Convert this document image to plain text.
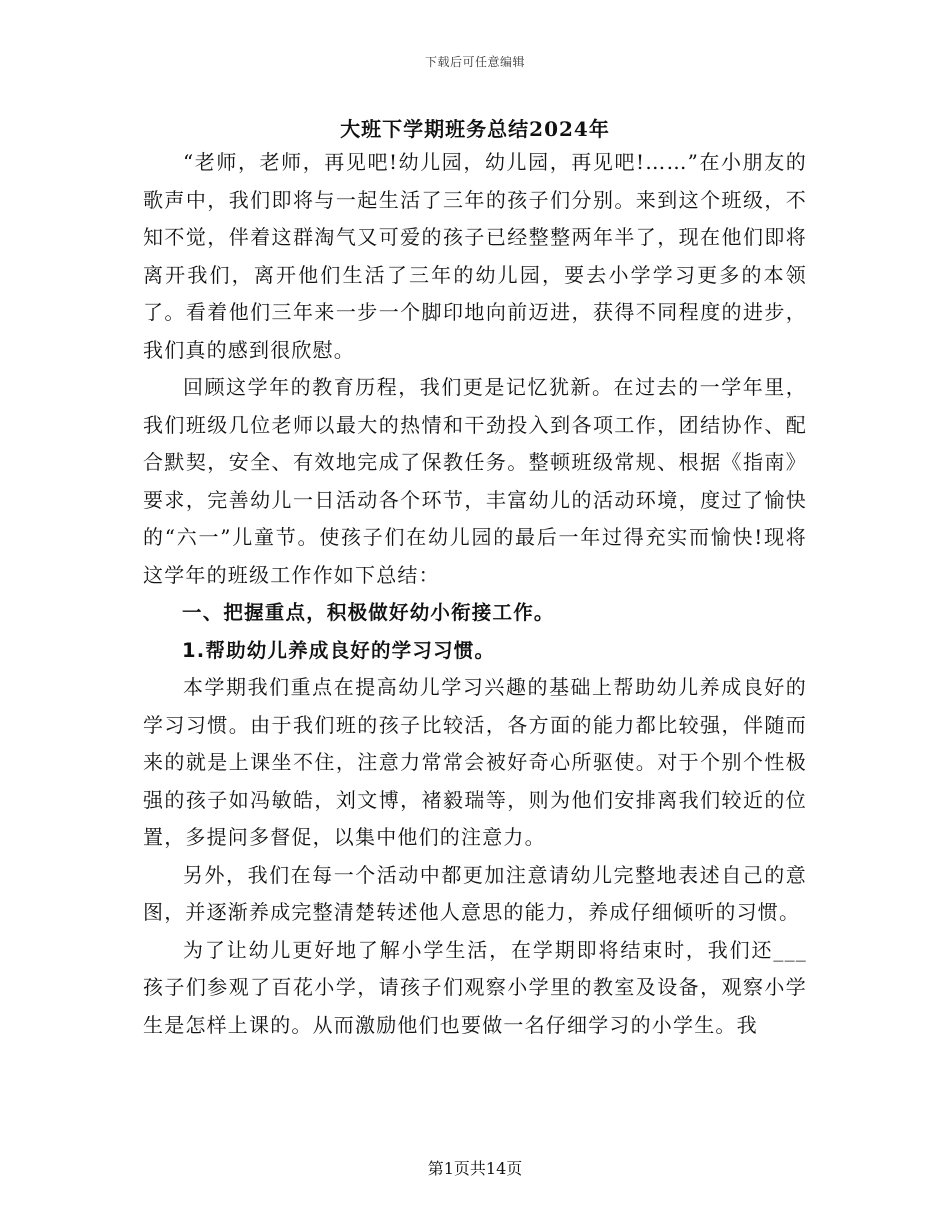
下载后可任意编辑
大班下学期班务总结2024年

“老师，老师，再见吧!幼儿园，幼儿园，再见吧!……”在小朋友的歌声中，我们即将与一起生活了三年的孩子们分别。来到这个班级，不知不觉，伴着这群淘气又可爱的孩子已经整整两年半了，现在他们即将离开我们，离开他们生活了三年的幼儿园，要去小学学习更多的本领了。看着他们三年来一步一个脚印地向前迈进，获得不同程度的进步，我们真的感到很欣慰。

回顾这学年的教育历程，我们更是记忆犹新。在过去的一学年里，我们班级几位老师以最大的热情和干劲投入到各项工作，团结协作、配合默契，安全、有效地完成了保教任务。整顿班级常规、根据《指南》要求，完善幼儿一日活动各个环节，丰富幼儿的活动环境，度过了愉快的“六一”儿童节。使孩子们在幼儿园的最后一年过得充实而愉快!现将这学年的班级工作作如下总结：

一、把握重点，积极做好幼小衔接工作。

1.帮助幼儿养成良好的学习习惯。

本学期我们重点在提高幼儿学习兴趣的基础上帮助幼儿养成良好的学习习惯。由于我们班的孩子比较活，各方面的能力都比较强，伴随而来的就是上课坐不住，注意力常常会被好奇心所驱使。对于个别个性极强的孩子如冯敏皓，刘文博，褚毅瑞等，则为他们安排离我们较近的位置，多提问多督促，以集中他们的注意力。

另外，我们在每一个活动中都更加注意请幼儿完整地表述自己的意图，并逐渐养成完整清楚转述他人意思的能力，养成仔细倾听的习惯。

为了让幼儿更好地了解小学生活，在学期即将结束时，我们还___孩子们参观了百花小学，请孩子们观察小学里的教室及设备，观察小学生是怎样上课的。从而激励他们也要做一名仔细学习的小学生。我

第1页共14页
